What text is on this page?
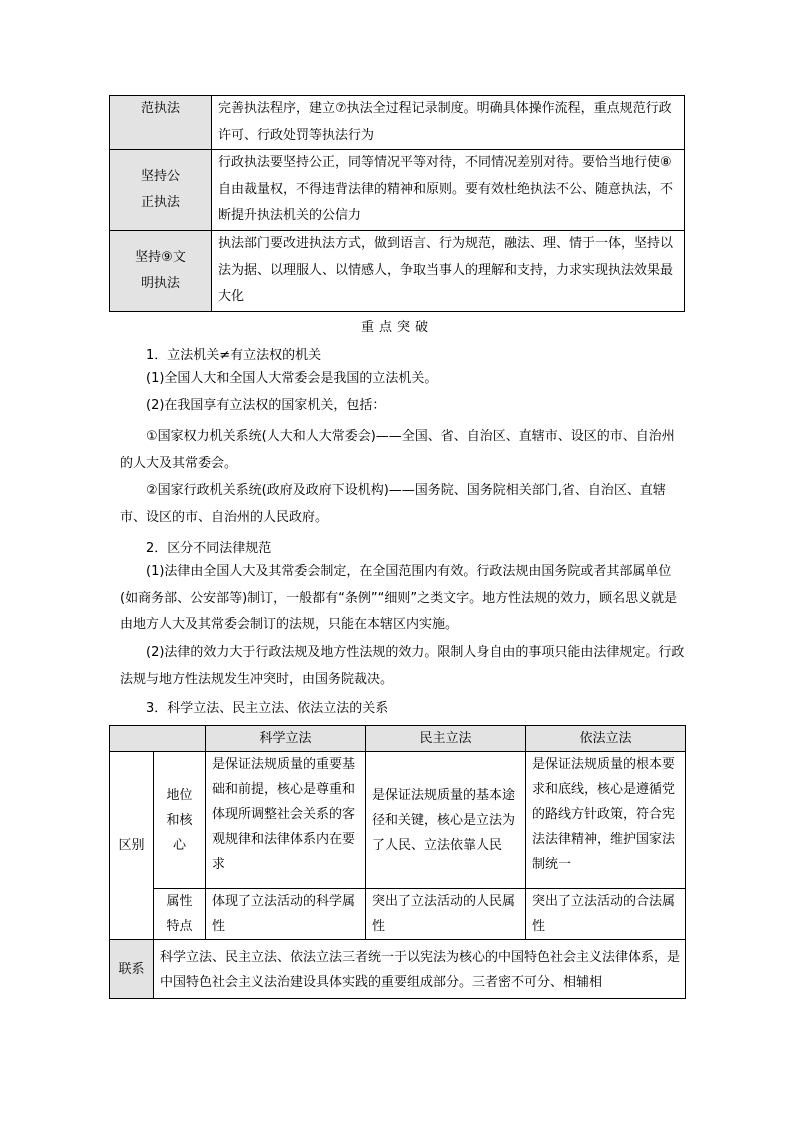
范执法	完善执法程序，建立⑦执法全过程记录制度。明确具体操作流程，重点规范行政许可、行政处罚等执法行为

坚持公
正执法	行政执法要坚持公正，同等情况平等对待，不同情况差别对待。要恰当地行使⑧自由裁量权，不得违背法律的精神和原则。要有效杜绝执法不公、随意执法，不断提升执法机关的公信力

坚持⑨文
明执法	执法部门要改进执法方式，做到语言、行为规范，融法、理、情于一体，坚持以法为据、以理服人、以情感人，争取当事人的理解和支持，力求实现执法效果最大化
重点突破
1．立法机关≠有立法权的机关
(1)全国人大和全国人大常委会是我国的立法机关。
(2)在我国享有立法权的国家机关，包括：
①国家权力机关系统(人大和人大常委会)——全国、省、自治区、直辖市、设区的市、自治州的人大及其常委会。
②国家行政机关系统(政府及政府下设机构)——国务院、国务院相关部门,省、自治区、直辖市、设区的市、自治州的人民政府。
2．区分不同法律规范
(1)法律由全国人大及其常委会制定，在全国范围内有效。行政法规由国务院或者其部属单位(如商务部、公安部等)制订，一般都有“条例”“细则”之类文字。地方性法规的效力，顾名思义就是由地方人大及其常委会制订的法规，只能在本辖区内实施。
(2)法律的效力大于行政法规及地方性法规的效力。限制人身自由的事项只能由法律规定。行政法规与地方性法规发生冲突时，由国务院裁决。
3．科学立法、民主立法、依法立法的关系
		科学立法	民主立法	依法立法
区别	地位和核心	是保证法规质量的重要基础和前提，核心是尊重和体现所调整社会关系的客观规律和法律体系内在要求	是保证法规质量的基本途径和关键，核心是立法为了人民、立法依靠人民	是保证法规质量的根本要求和底线，核心是遵循党的路线方针政策，符合宪法法律精神，维护国家法制统一
	属性特点	体现了立法活动的科学属性	突出了立法活动的人民属性	突出了立法活动的合法属性
联系	科学立法、民主立法、依法立法三者统一于以宪法为核心的中国特色社会主义法律体系，是中国特色社会主义法治建设具体实践的重要组成部分。三者密不可分、相辅相			
